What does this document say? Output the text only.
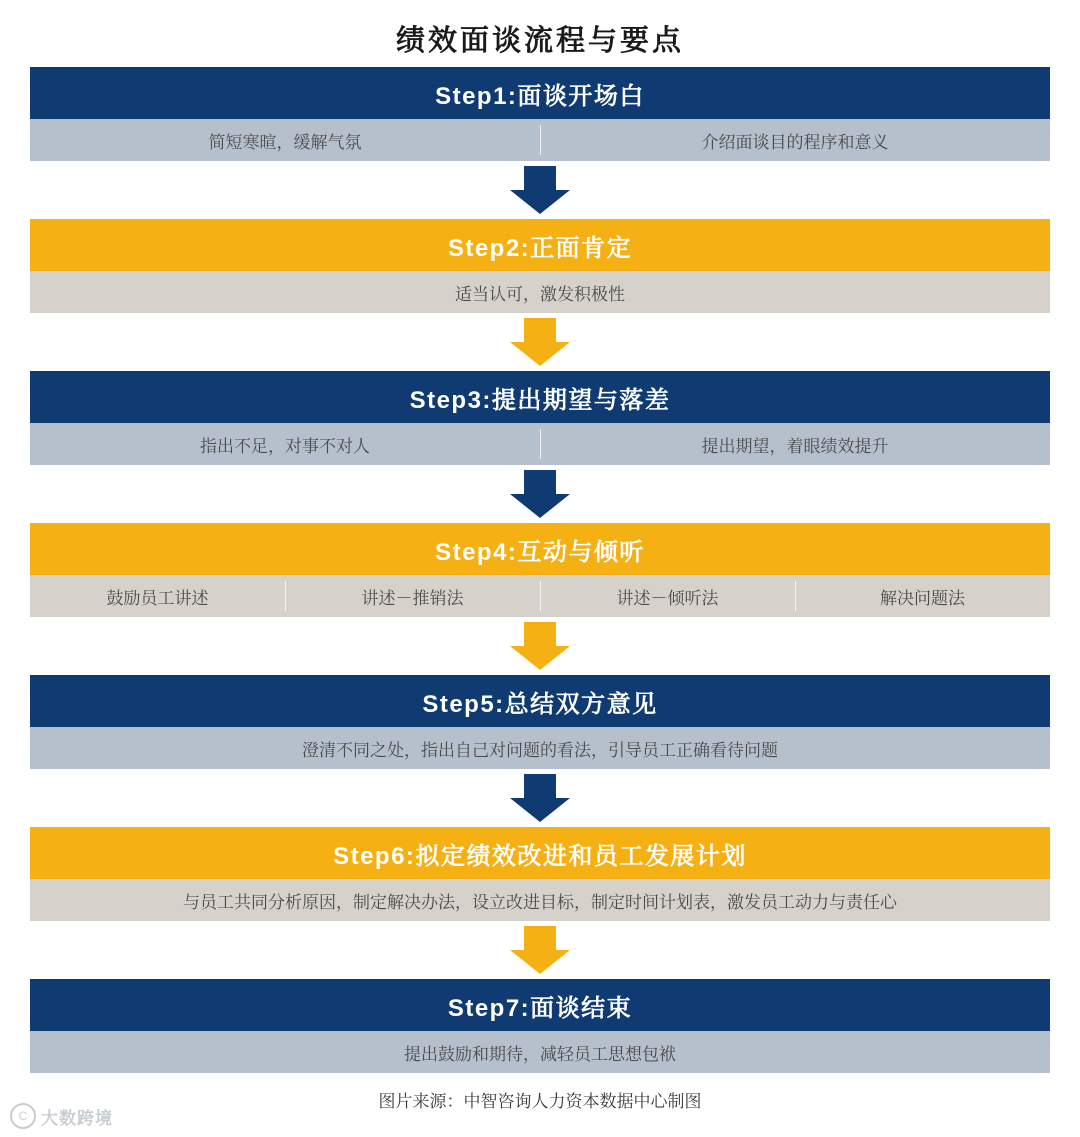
绩效面谈流程与要点
Step1:面谈开场白
简短寒暄，缓解气氛	介绍面谈目的程序和意义
Step2:正面肯定
适当认可，激发积极性
Step3:提出期望与落差
指出不足，对事不对人	提出期望，着眼绩效提升
Step4:互动与倾听
鼓励员工讲述	讲述－推销法	讲述－倾听法	解决问题法
Step5:总结双方意见
澄清不同之处，指出自己对问题的看法，引导员工正确看待问题
Step6:拟定绩效改进和员工发展计划
与员工共同分析原因，制定解决办法，设立改进目标，制定时间计划表，激发员工动力与责任心
Step7:面谈结束
提出鼓励和期待，减轻员工思想包袱
图片来源：中智咨询人力资本数据中心制图
C 大数跨境
